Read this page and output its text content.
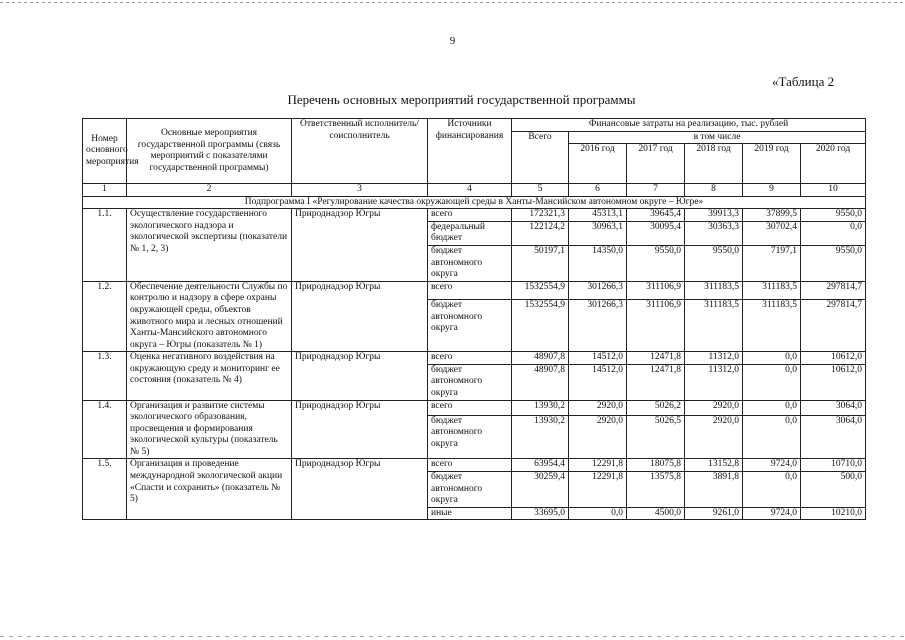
9
«Таблица 2
Перечень основных мероприятий государственной программы
Номер основного мероприятия	Основные мероприятия государственной программы (связь мероприятий с показателями государственной программы)	Ответственный исполнитель/соисполнитель	Источники финансирования	Финансовые затраты на реализацию, тыс. рублей					
				Всего	в том числе				
					2016 год	2017 год	2018 год	2019 год	2020 год
1	2	3	4	5	6	7	8	9	10
Подпрограмма I «Регулирование качества окружающей среды в Ханты-Мансийском автономном округе – Югре»									
1.1.	Осуществление государственного экологического надзора и экологической экспертизы (показатели № 1, 2, 3)	Природнадзор Югры	всего	172321,3	45313,1	39645,4	39913,3	37899,5	9550,0
			федеральный бюджет	122124,2	30963,1	30095,4	30363,3	30702,4	0,0
			бюджет автономного округа	50197,1	14350,0	9550,0	9550,0	7197,1	9550,0
1.2.	Обеспечение деятельности Службы по контролю и надзору в сфере охраны окружающей среды, объектов животного мира и лесных отношений Ханты-Мансийского автономного округа – Югры (показатель № 1)	Природнадзор Югры	всего	1532554,9	301266,3	311106,9	311183,5	311183,5	297814,7
			бюджет автономного округа	1532554,9	301266,3	311106,9	311183,5	311183,5	297814,7
1.3.	Оценка негативного воздействия на окружающую среду и мониторинг ее состояния (показатель № 4)	Природнадзор Югры	всего	48907,8	14512,0	12471,8	11312,0	0,0	10612,0
			бюджет автономного округа	48907,8	14512,0	12471,8	11312,0	0,0	10612,0
1.4.	Организация и развитие системы экологического образования, просвещения и формирования экологической культуры (показатель № 5)	Природнадзор Югры	всего	13930,2	2920,0	5026,2	2920,0	0,0	3064,0
			бюджет автономного округа	13930,2	2920,0	5026,5	2920,0	0,0	3064,0
1.5.	Организация и проведение международной экологической акции «Спасти и сохранить» (показатель № 5)	Природнадзор Югры	всего	63954,4	12291,8	18075,8	13152,8	9724,0	10710,0
			бюджет автономного округа	30259,4	12291,8	13575,8	3891,8	0,0	500,0
			иные	33695,0	0,0	4500,0	9261,0	9724,0	10210,0
